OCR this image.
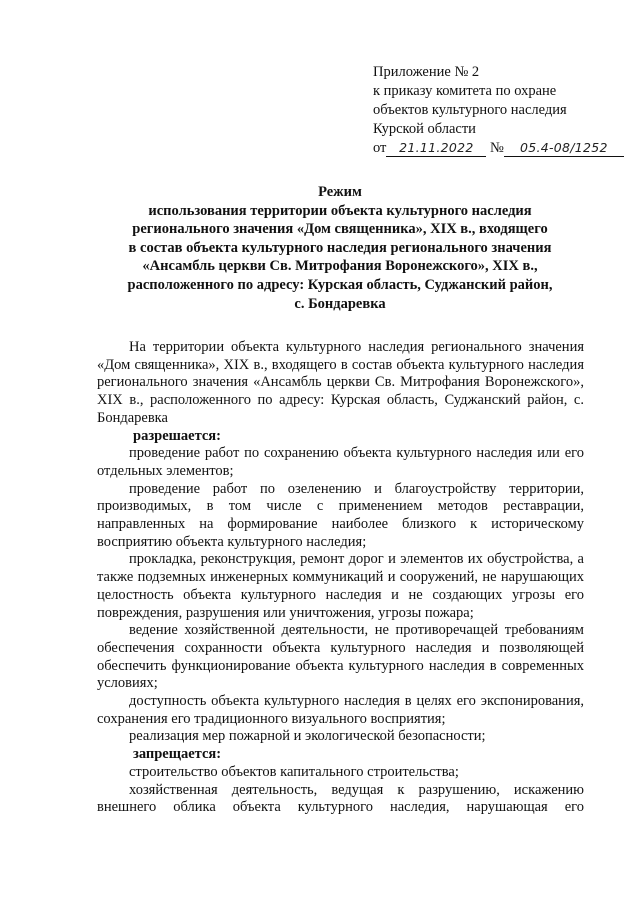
Приложение № 2
к приказу комитета по охране
объектов культурного наследия
Курской области
от 21.11.2022 № 05.4-08/1252
Режим
использования территории объекта культурного наследия
регионального значения «Дом священника», XIX в., входящего
в состав объекта культурного наследия регионального значения
«Ансамбль церкви Св. Митрофания Воронежского», XIX в.,
расположенного по адресу: Курская область, Суджанский район,
с. Бондаревка

На территории объекта культурного наследия регионального значения «Дом священника», XIX в., входящего в состав объекта культурного наследия регионального значения «Ансамбль церкви Св. Митрофания Воронежского», XIX в., расположенного по адресу: Курская область, Суджанский район, с. Бондаревка

разрешается:

проведение работ по сохранению объекта культурного наследия или его отдельных элементов;

проведение работ по озеленению и благоустройству территории, производимых, в том числе с применением методов реставрации, направленных на формирование наиболее близкого к историческому восприятию объекта культурного наследия;

прокладка, реконструкция, ремонт дорог и элементов их обустройства, а также подземных инженерных коммуникаций и сооружений, не нарушающих целостность объекта культурного наследия и не создающих угрозы его повреждения, разрушения или уничтожения, угрозы пожара;

ведение хозяйственной деятельности, не противоречащей требованиям обеспечения сохранности объекта культурного наследия и позволяющей обеспечить функционирование объекта культурного наследия в современных условиях;

доступность объекта культурного наследия в целях его экспонирования, сохранения его традиционного визуального восприятия;

реализация мер пожарной и экологической безопасности;

запрещается:

строительство объектов капитального строительства;

хозяйственная деятельность, ведущая к разрушению, искажению внешнего облика объекта культурного наследия, нарушающая его
